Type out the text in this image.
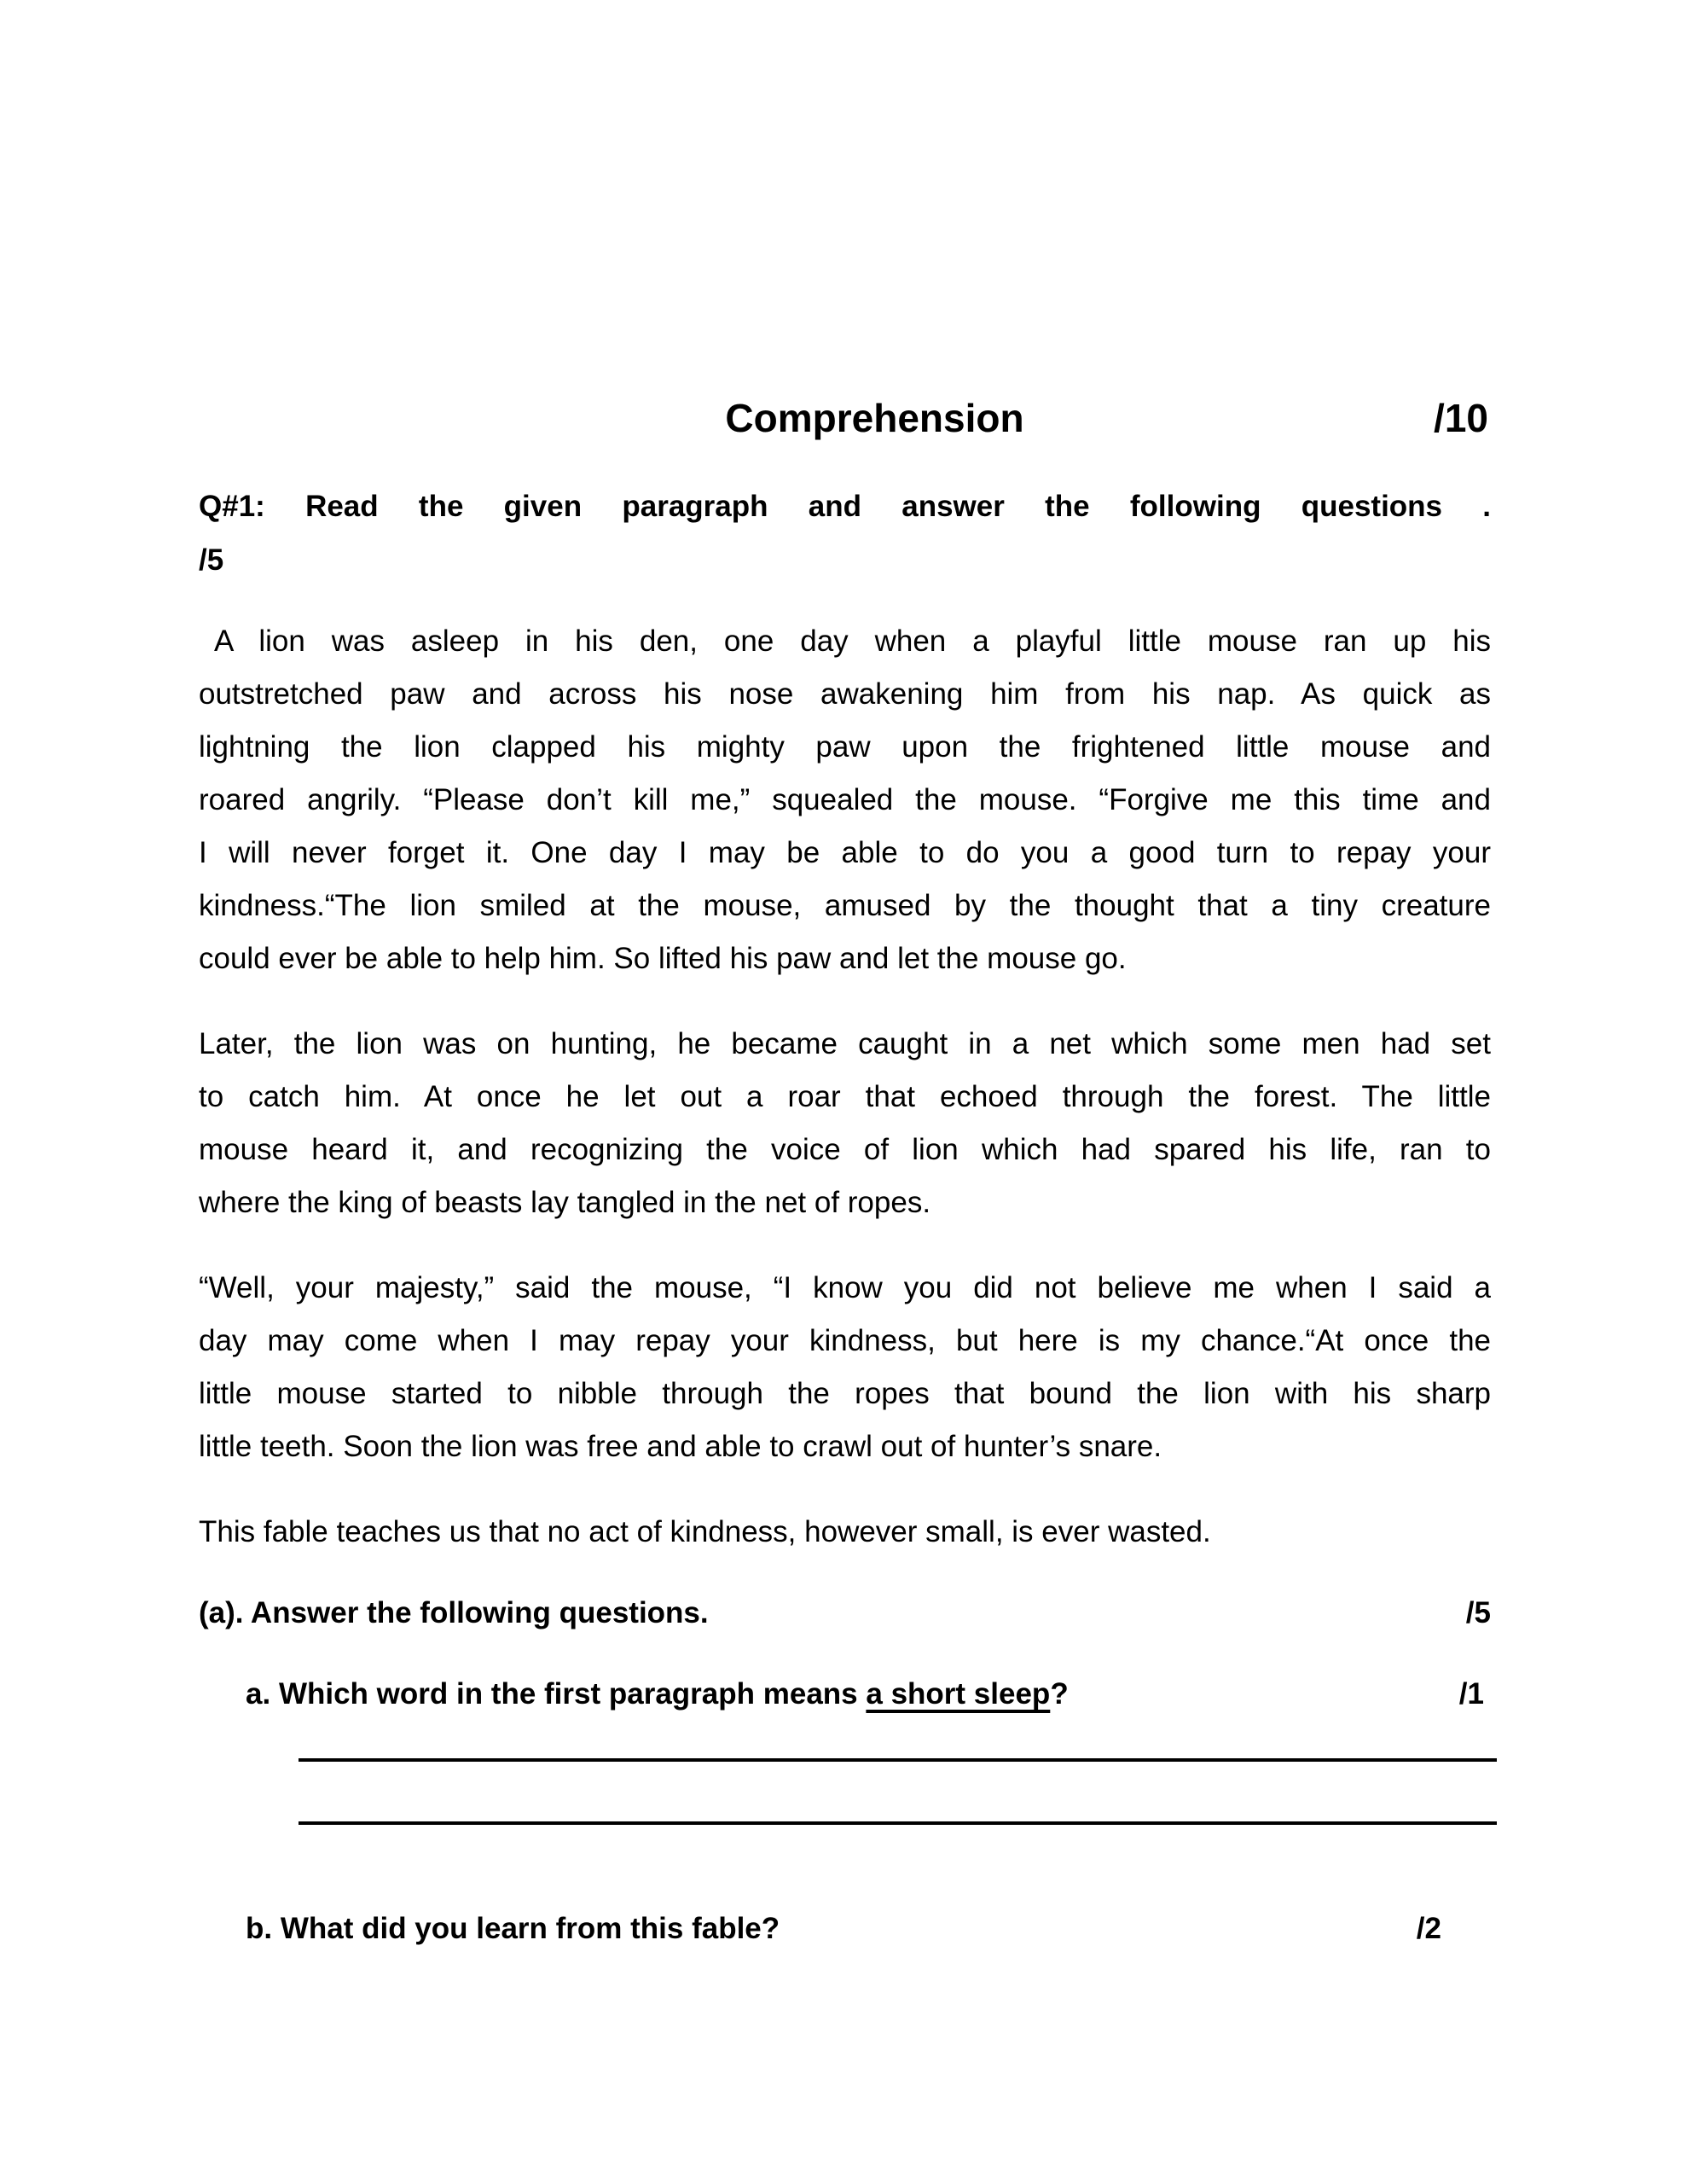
Comprehension	/10
Q#1: Read the given paragraph and answer the following questions .
/5
A lion was asleep in his den, one day when a playful little mouse ran up his
outstretched paw and across his nose awakening him from his nap. As quick as
lightning the lion clapped his mighty paw upon the frightened little mouse and
roared angrily. “Please don’t kill me,” squealed the mouse. “Forgive me this time and
I will never forget it. One day I may be able to do you a good turn to repay your
kindness.“The lion smiled at the mouse, amused by the thought that a tiny creature
could ever be able to help him. So lifted his paw and let the mouse go.
Later, the lion was on hunting, he became caught in a net which some men had set
to catch him. At once he let out a roar that echoed through the forest. The little
mouse heard it, and recognizing the voice of lion which had spared his life, ran to
where the king of beasts lay tangled in the net of ropes.
“Well, your majesty,” said the mouse, “I know you did not believe me when I said a
day may come when I may repay your kindness, but here is my chance.“At once the
little mouse started to nibble through the ropes that bound the lion with his sharp
little teeth. Soon the lion was free and able to crawl out of hunter’s snare.
This fable teaches us that no act of kindness, however small, is ever wasted.
(a). Answer the following questions.	/5
a. Which word in the first paragraph means a short sleep?	/1
b. What did you learn from this fable?	/2
